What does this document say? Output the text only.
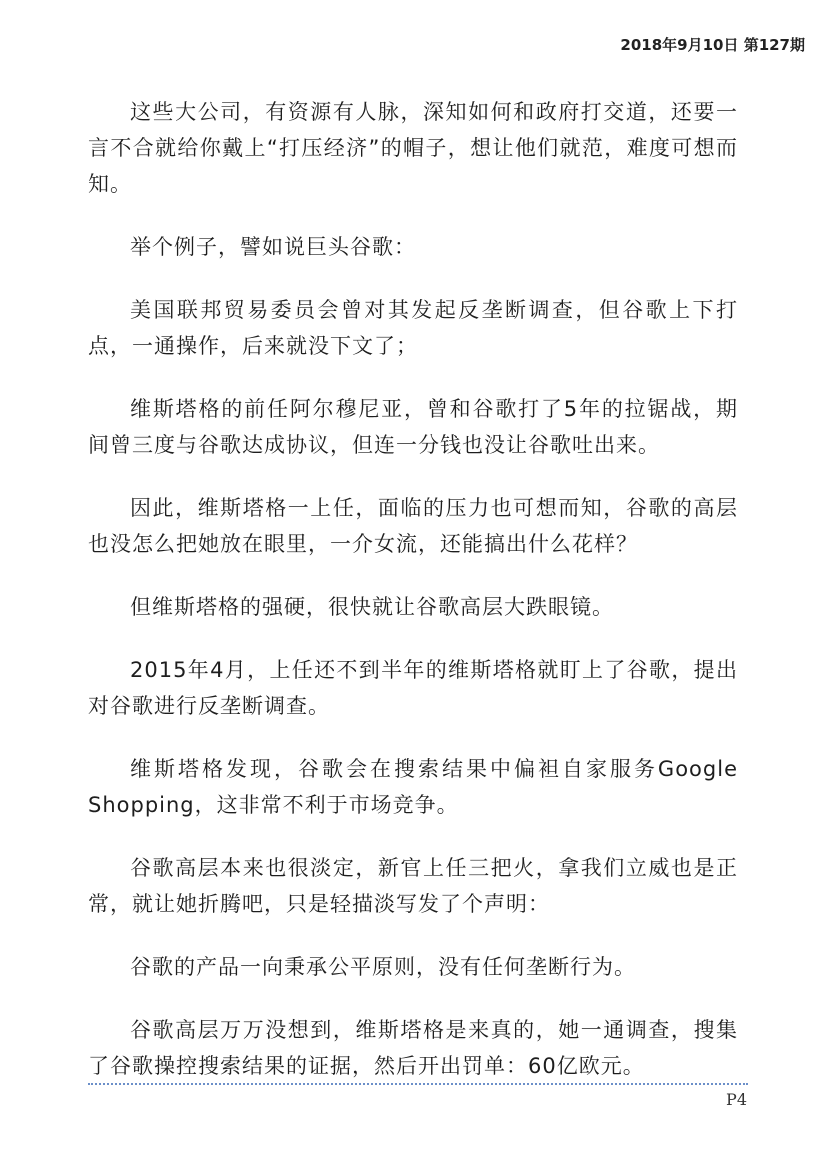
2018年9月10日 第127期

这些大公司，有资源有人脉，深知如何和政府打交道，还要一言不合就给你戴上“打压经济”的帽子，想让他们就范，难度可想而知。

举个例子，譬如说巨头谷歌：

美国联邦贸易委员会曾对其发起反垄断调查，但谷歌上下打点，一通操作，后来就没下文了；

维斯塔格的前任阿尔穆尼亚，曾和谷歌打了5年的拉锯战，期间曾三度与谷歌达成协议，但连一分钱也没让谷歌吐出来。

因此，维斯塔格一上任，面临的压力也可想而知，谷歌的高层也没怎么把她放在眼里，一介女流，还能搞出什么花样？

但维斯塔格的强硬，很快就让谷歌高层大跌眼镜。

2015年4月，上任还不到半年的维斯塔格就盯上了谷歌，提出对谷歌进行反垄断调查。

维斯塔格发现，谷歌会在搜索结果中偏袒自家服务Google Shopping，这非常不利于市场竞争。

谷歌高层本来也很淡定，新官上任三把火，拿我们立威也是正常，就让她折腾吧，只是轻描淡写发了个声明：

谷歌的产品一向秉承公平原则，没有任何垄断行为。

谷歌高层万万没想到，维斯塔格是来真的，她一通调查，搜集了谷歌操控搜索结果的证据，然后开出罚单：60亿欧元。

P4
